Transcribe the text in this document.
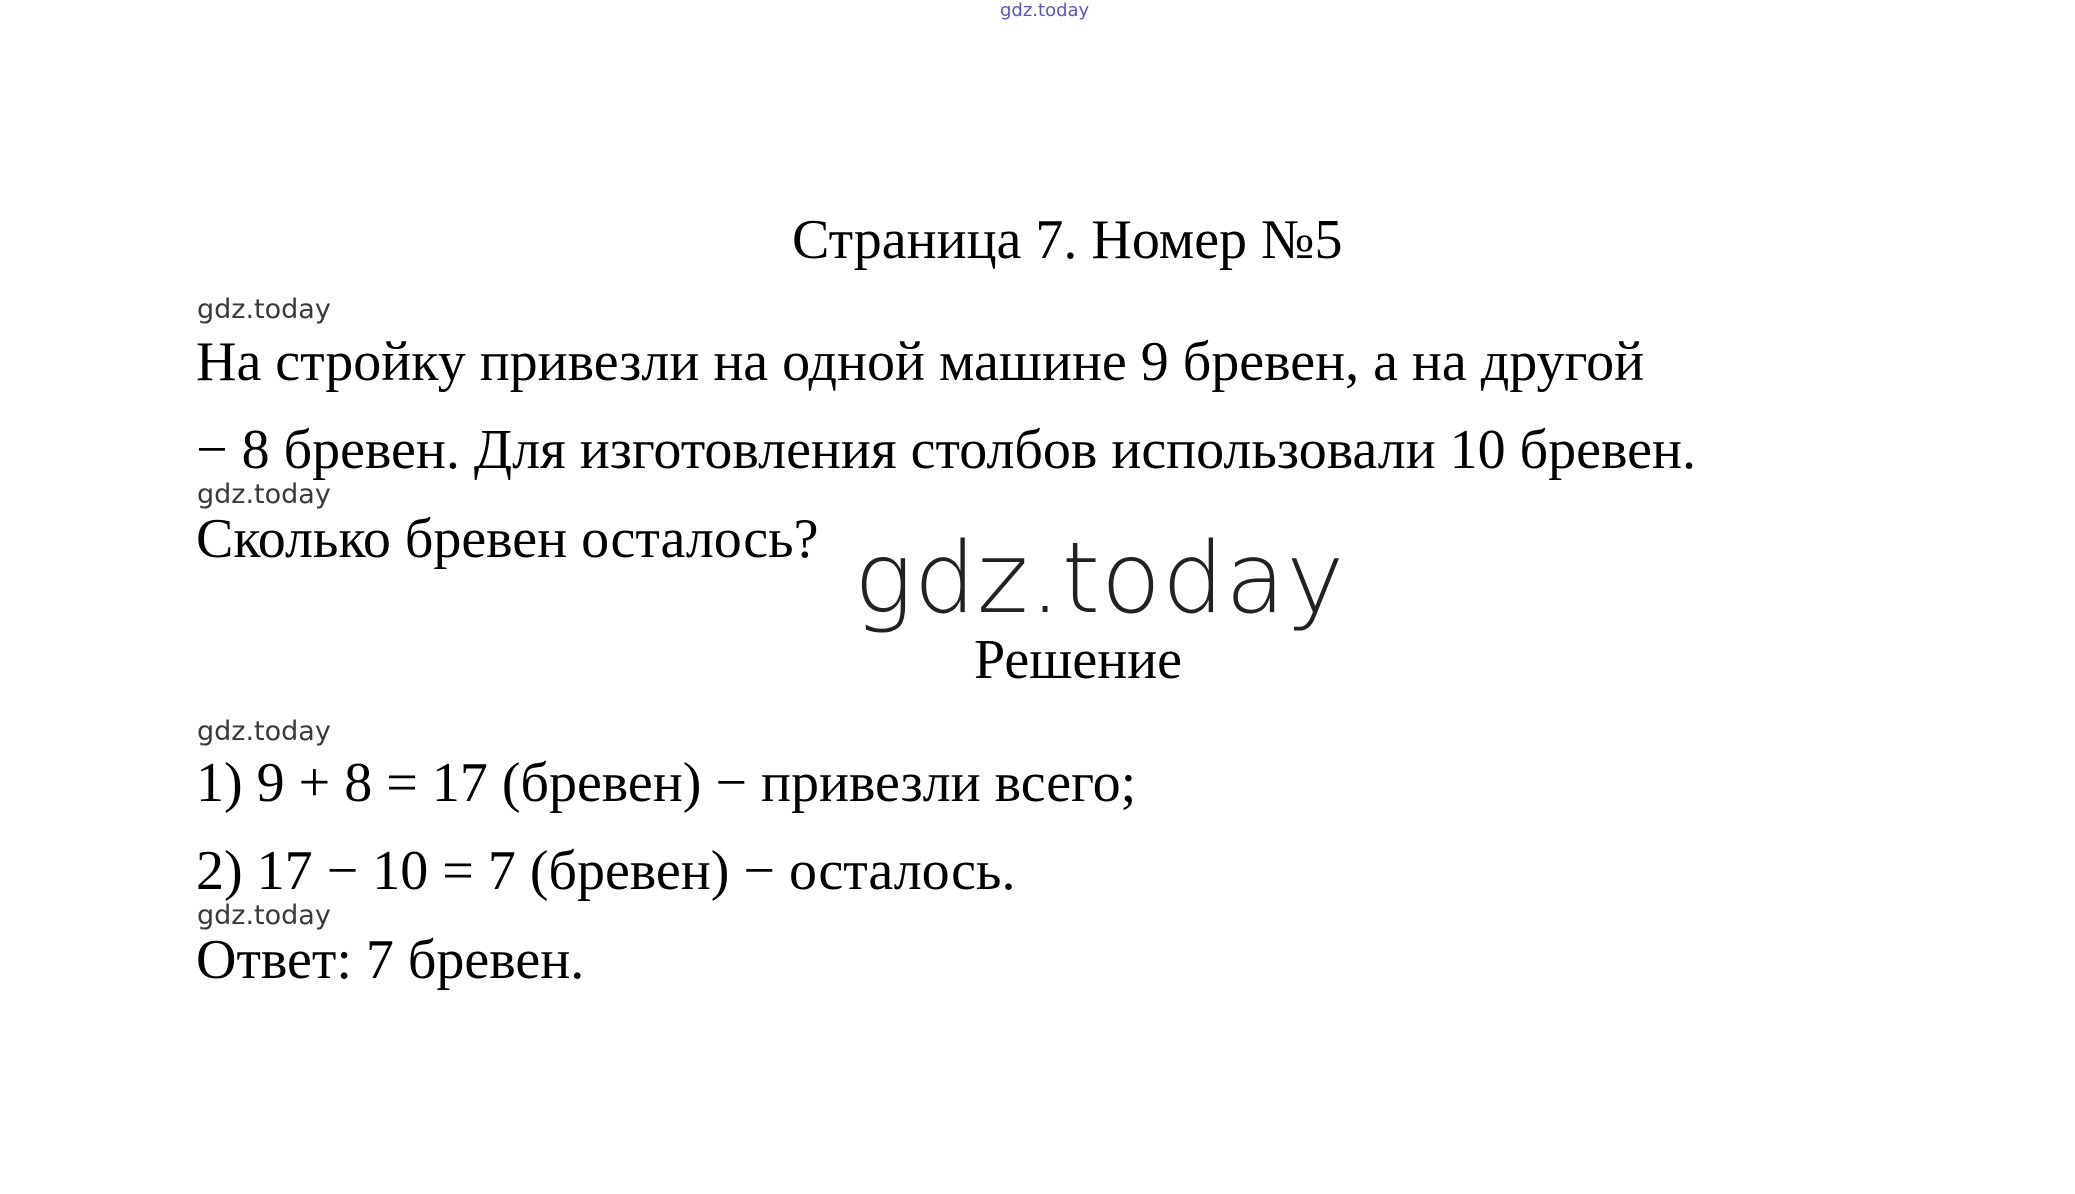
gdz.today
Страница 7. Номер №5
gdz.today
На стройку привезли на одной машине 9 бревен, а на другой
− 8 бревен. Для изготовления столбов использовали 10 бревен.
gdz.today
Сколько бревен осталось? gdz.today
Решение
gdz.today
1) 9 + 8 = 17 (бревен) − привезли всего;
2) 17 − 10 = 7 (бревен) − осталось.
gdz.today
Ответ: 7 бревен.
